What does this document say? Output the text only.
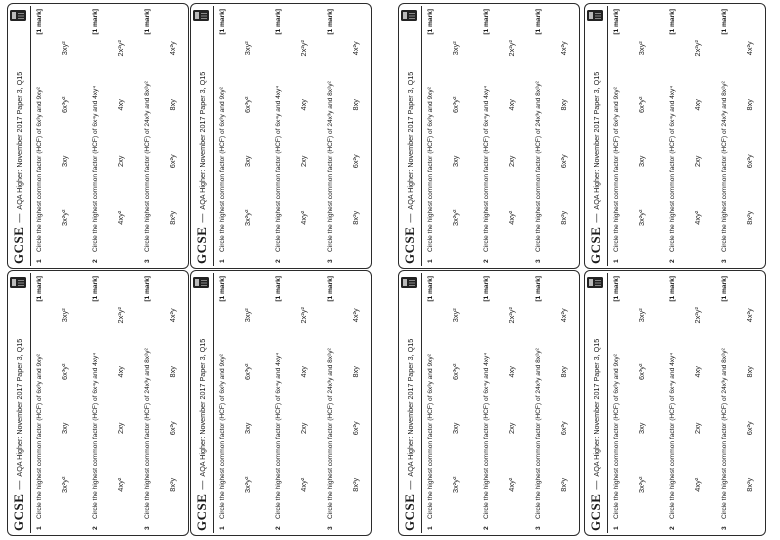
GCSE
—
AQA Higher: November 2017 Paper 3, Q15
1
Circle the highest common factor (HCF) of 6x³y and 9xy²
[1 mark]
3x²y²
3xy
6x³y²
3xy²
2
Circle the highest common factor (HCF) of 6x⁴y and 4xy⁴
[1 mark]
4xy²
2xy
4xy
2x²y²
3
Circle the highest common factor (HCF) of 24x³y and 8x²y²
[1 mark]
8x²y
6x²y
8xy
4x²y
GCSE
—
AQA Higher: November 2017 Paper 3, Q15
1
Circle the highest common factor (HCF) of 6x³y and 9xy²
[1 mark]
3x²y²
3xy
6x³y²
3xy²
2
Circle the highest common factor (HCF) of 6x⁴y and 4xy⁴
[1 mark]
4xy²
2xy
4xy
2x²y²
3
Circle the highest common factor (HCF) of 24x³y and 8x²y²
[1 mark]
8x²y
6x²y
8xy
4x²y
GCSE
—
AQA Higher: November 2017 Paper 3, Q15
1
Circle the highest common factor (HCF) of 6x³y and 9xy²
[1 mark]
3x²y²
3xy
6x³y²
3xy²
2
Circle the highest common factor (HCF) of 6x⁴y and 4xy⁴
[1 mark]
4xy²
2xy
4xy
2x²y²
3
Circle the highest common factor (HCF) of 24x³y and 8x²y²
[1 mark]
8x²y
6x²y
8xy
4x²y
GCSE
—
AQA Higher: November 2017 Paper 3, Q15
1
Circle the highest common factor (HCF) of 6x³y and 9xy²
[1 mark]
3x²y²
3xy
6x³y²
3xy²
2
Circle the highest common factor (HCF) of 6x⁴y and 4xy⁴
[1 mark]
4xy²
2xy
4xy
2x²y²
3
Circle the highest common factor (HCF) of 24x³y and 8x²y²
[1 mark]
8x²y
6x²y
8xy
4x²y
GCSE
—
AQA Higher: November 2017 Paper 3, Q15
1
Circle the highest common factor (HCF) of 6x³y and 9xy²
[1 mark]
3x²y²
3xy
6x³y²
3xy²
2
Circle the highest common factor (HCF) of 6x⁴y and 4xy⁴
[1 mark]
4xy²
2xy
4xy
2x²y²
3
Circle the highest common factor (HCF) of 24x³y and 8x²y²
[1 mark]
8x²y
6x²y
8xy
4x²y
GCSE
—
AQA Higher: November 2017 Paper 3, Q15
1
Circle the highest common factor (HCF) of 6x³y and 9xy²
[1 mark]
3x²y²
3xy
6x³y²
3xy²
2
Circle the highest common factor (HCF) of 6x⁴y and 4xy⁴
[1 mark]
4xy²
2xy
4xy
2x²y²
3
Circle the highest common factor (HCF) of 24x³y and 8x²y²
[1 mark]
8x²y
6x²y
8xy
4x²y
GCSE
—
AQA Higher: November 2017 Paper 3, Q15
1
Circle the highest common factor (HCF) of 6x³y and 9xy²
[1 mark]
3x²y²
3xy
6x³y²
3xy²
2
Circle the highest common factor (HCF) of 6x⁴y and 4xy⁴
[1 mark]
4xy²
2xy
4xy
2x²y²
3
Circle the highest common factor (HCF) of 24x³y and 8x²y²
[1 mark]
8x²y
6x²y
8xy
4x²y
GCSE
—
AQA Higher: November 2017 Paper 3, Q15
1
Circle the highest common factor (HCF) of 6x³y and 9xy²
[1 mark]
3x²y²
3xy
6x³y²
3xy²
2
Circle the highest common factor (HCF) of 6x⁴y and 4xy⁴
[1 mark]
4xy²
2xy
4xy
2x²y²
3
Circle the highest common factor (HCF) of 24x³y and 8x²y²
[1 mark]
8x²y
6x²y
8xy
4x²y
